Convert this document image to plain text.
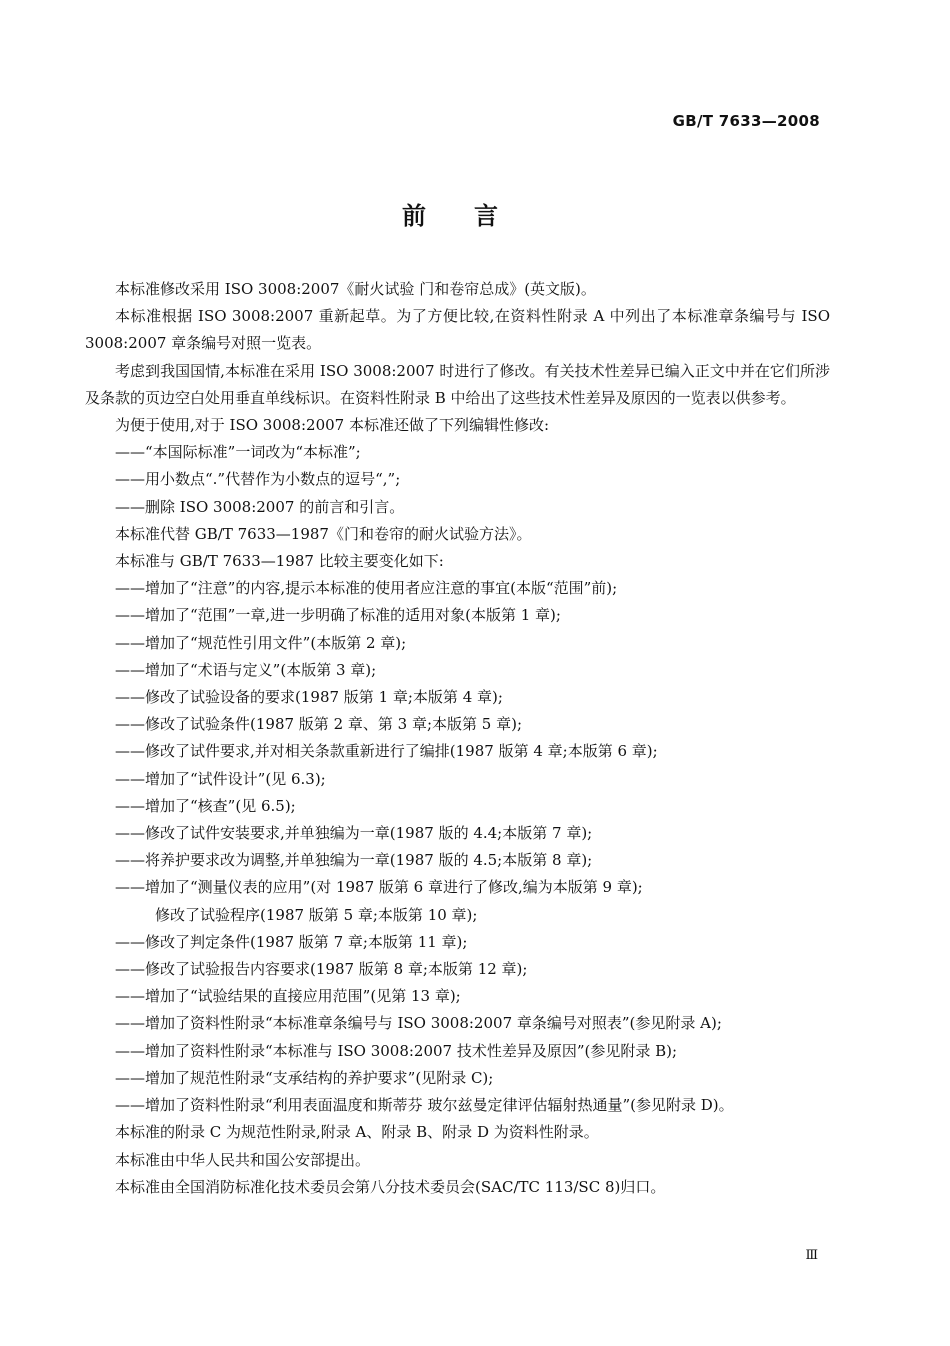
GB/T 7633—2008
前言

本标准修改采用 ISO 3008:2007《耐火试验 门和卷帘总成》(英文版)。

本标准根据 ISO 3008:2007 重新起草。为了方便比较,在资料性附录 A 中列出了本标准章条编号与 ISO 3008:2007 章条编号对照一览表。

考虑到我国国情,本标准在采用 ISO 3008:2007 时进行了修改。有关技术性差异已编入正文中并在它们所涉及条款的页边空白处用垂直单线标识。在资料性附录 B 中给出了这些技术性差异及原因的一览表以供参考。

为便于使用,对于 ISO 3008:2007 本标准还做了下列编辑性修改:

——“本国际标准”一词改为“本标准”;
——用小数点“.”代替作为小数点的逗号“,”;
——删除 ISO 3008:2007 的前言和引言。

本标准代替 GB/T 7633—1987《门和卷帘的耐火试验方法》。

本标准与 GB/T 7633—1987 比较主要变化如下:

——增加了“注意”的内容,提示本标准的使用者应注意的事宜(本版“范围”前);
——增加了“范围”一章,进一步明确了标准的适用对象(本版第 1 章);
——增加了“规范性引用文件”(本版第 2 章);
——增加了“术语与定义”(本版第 3 章);
——修改了试验设备的要求(1987 版第 1 章;本版第 4 章);
——修改了试验条件(1987 版第 2 章、第 3 章;本版第 5 章);
——修改了试件要求,并对相关条款重新进行了编排(1987 版第 4 章;本版第 6 章);
——增加了“试件设计”(见 6.3);
——增加了“核查”(见 6.5);
——修改了试件安装要求,并单独编为一章(1987 版的 4.4;本版第 7 章);
——将养护要求改为调整,并单独编为一章(1987 版的 4.5;本版第 8 章);
——增加了“测量仪表的应用”(对 1987 版第 6 章进行了修改,编为本版第 9 章);
修改了试验程序(1987 版第 5 章;本版第 10 章);
——修改了判定条件(1987 版第 7 章;本版第 11 章);
——修改了试验报告内容要求(1987 版第 8 章;本版第 12 章);
——增加了“试验结果的直接应用范围”(见第 13 章);
——增加了资料性附录“本标准章条编号与 ISO 3008:2007 章条编号对照表”(参见附录 A);
——增加了资料性附录“本标准与 ISO 3008:2007 技术性差异及原因”(参见附录 B);
——增加了规范性附录“支承结构的养护要求”(见附录 C);
——增加了资料性附录“利用表面温度和斯蒂芬 玻尔兹曼定律评估辐射热通量”(参见附录 D)。

本标准的附录 C 为规范性附录,附录 A、附录 B、附录 D 为资料性附录。

本标准由中华人民共和国公安部提出。

本标准由全国消防标准化技术委员会第八分技术委员会(SAC/TC 113/SC 8)归口。

Ⅲ
